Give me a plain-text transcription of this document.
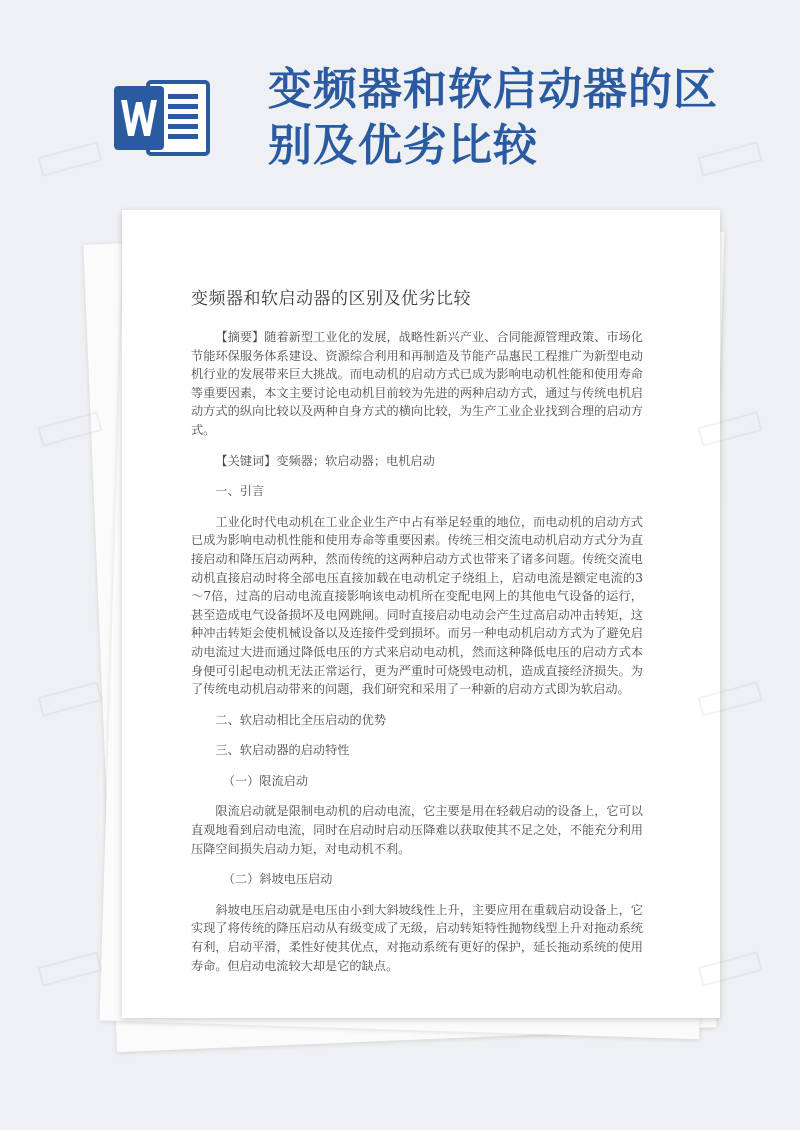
变频器和软启动器的区别及优劣比较
变频器和软启动器的区别及优劣比较

【摘要】随着新型工业化的发展，战略性新兴产业、合同能源管理政策、市场化节能环保服务体系建设、资源综合利用和再制造及节能产品惠民工程推广为新型电动机行业的发展带来巨大挑战。而电动机的启动方式已成为影响电动机性能和使用寿命等重要因素，本文主要讨论电动机目前较为先进的两种启动方式，通过与传统电机启动方式的纵向比较以及两种自身方式的横向比较，为生产工业企业找到合理的启动方式。

【关键词】变频器；软启动器；电机启动

一、引言

工业化时代电动机在工业企业生产中占有举足轻重的地位，而电动机的启动方式已成为影响电动机性能和使用寿命等重要因素。传统三相交流电动机启动方式分为直接启动和降压启动两种，然而传统的这两种启动方式也带来了诸多问题。传统交流电动机直接启动时将全部电压直接加载在电动机定子绕组上，启动电流是额定电流的3～7倍，过高的启动电流直接影响该电动机所在变配电网上的其他电气设备的运行，甚至造成电气设备损坏及电网跳闸。同时直接启动电动会产生过高启动冲击转矩，这种冲击转矩会使机械设备以及连接件受到损坏。而另一种电动机启动方式为了避免启动电流过大进而通过降低电压的方式来启动电动机，然而这种降低电压的启动方式本身便可引起电动机无法正常运行，更为严重时可烧毁电动机，造成直接经济损失。为了传统电动机启动带来的问题，我们研究和采用了一种新的启动方式即为软启动。

二、软启动相比全压启动的优势

三、软启动器的启动特性

（一）限流启动

限流启动就是限制电动机的启动电流，它主要是用在轻载启动的设备上，它可以直观地看到启动电流，同时在启动时启动压降难以获取使其不足之处，不能充分利用压降空间损失启动力矩，对电动机不利。

（二）斜坡电压启动

斜坡电压启动就是电压由小到大斜坡线性上升，主要应用在重载启动设备上，它实现了将传统的降压启动从有级变成了无级，启动转矩特性抛物线型上升对拖动系统有利，启动平滑，柔性好使其优点，对拖动系统有更好的保护，延长拖动系统的使用寿命。但启动电流较大却是它的缺点。
